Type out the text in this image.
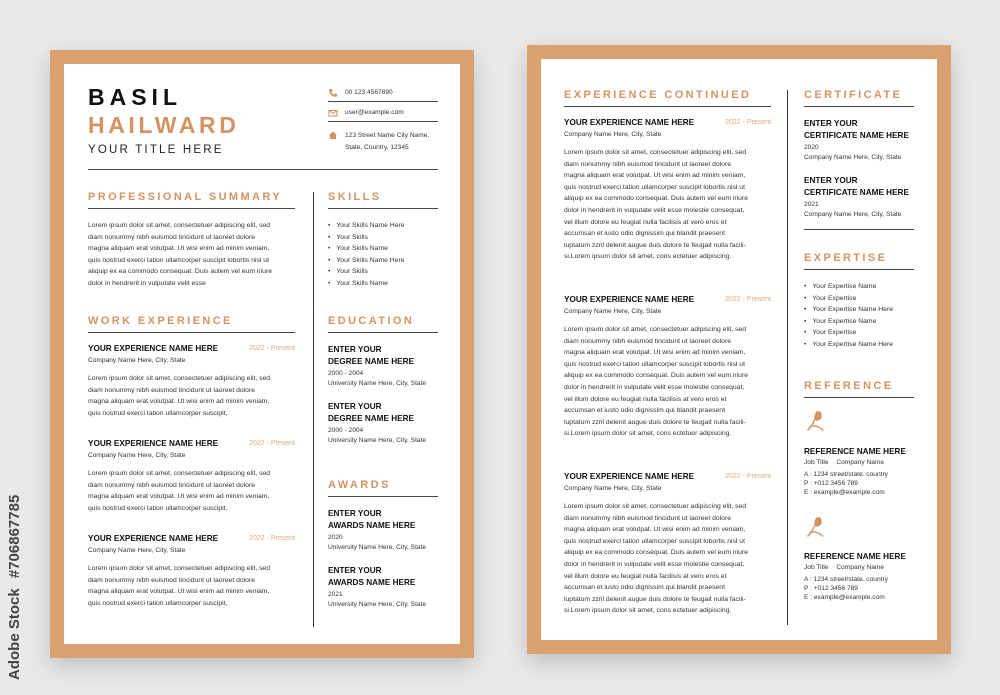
Adobe Stock #706867785
BASIL
HAILWARD
YOUR TITLE HERE
00 123 4567890
user@example.com
123 Street Name City Name,
State, Country, 12345
PROFESSIONAL SUMMARY
Lorem ipsum dolor sit amet, consectetuer adipiscing elit, sed
diam nonummy nibh euismod tincidunt ut laoreet dolore
magna aliquam erat volutpat. Ut wisi enim ad minim veniam,
quis nostrud exerci tation ullamcorper suscipit lobortis nisl ut
aliquip ex ea commodo consequat. Duis autem vel eum iriure
dolor in hendrerit in vulputate velit esse
WORK EXPERIENCE
YOUR EXPERIENCE NAME HERE	2022 - Present
Company Name Here, City, State
Lorem ipsum dolor sit amet, consectetuer adipiscing elit, sed
diam nonummy nibh euismod tincidunt ut laoreet dolore
magna aliquam erat volutpat. Ut wisi enim ad minim veniam,
quis nostrud exerci tation ullamcorper suscipit,
YOUR EXPERIENCE NAME HERE	2022 - Present
Company Name Here, City, State
Lorem ipsum dolor sit amet, consectetuer adipiscing elit, sed
diam nonummy nibh euismod tincidunt ut laoreet dolore
magna aliquam erat volutpat. Ut wisi enim ad minim veniam,
quis nostrud exerci tation ullamcorper suscipit,
YOUR EXPERIENCE NAME HERE	2022 - Present
Company Name Here, City, State
Lorem ipsum dolor sit amet, consectetuer adipiscing elit, sed
diam nonummy nibh euismod tincidunt ut laoreet dolore
magna aliquam erat volutpat. Ut wisi enim ad minim veniam,
quis nostrud exerci tation ullamcorper suscipit,
SKILLS
• Your Skills Name Here
• Your Skills
• Your Skills Name
• Your Skills Name Here
• Your Skills
• Your Skills Name
EDUCATION
ENTER YOUR
DEGREE NAME HERE
2000 - 2004
University Name Here, City, State
ENTER YOUR
DEGREE NAME HERE
2000 - 2004
University Name Here, City, State
AWARDS
ENTER YOUR
AWARDS NAME HERE
2020
University Name Here, City, State
ENTER YOUR
AWARDS NAME HERE
2021
University Name Here, City, State
EXPERIENCE CONTINUED
YOUR EXPERIENCE NAME HERE	2022 - Present
Company Name Here, City, State
Lorem ipsum dolor sit amet, consectetuer adipiscing elit, sed
diam nonummy nibh euismod tincidunt ut laoreet dolore
magna aliquam erat volutpat. Ut wisi enim ad minim veniam,
quis nostrud exerci tation ullamcorper suscipit lobortis nisl ut
aliquip ex ea commodo consequat. Duis autem vel eum iriure
dolor in hendrerit in vulputate velit esse molestie consequat,
vel illum dolore eu feugiat nulla facilisis at vero eros et
accumsan et iusto odio dignissim qui blandit praesent
luptatum zzril delenit augue duis dolore te feugait nulla facili-
si.Lorem ipsum dolor sit amet, cons ectetuer adipiscing.
YOUR EXPERIENCE NAME HERE	2022 - Present
Company Name Here, City, State
Lorem ipsum dolor sit amet, consectetuer adipiscing elit, sed
diam nonummy nibh euismod tincidunt ut laoreet dolore
magna aliquam erat volutpat. Ut wisi enim ad minim veniam,
quis nostrud exerci tation ullamcorper suscipit lobortis nisl ut
aliquip ex ea commodo consequat. Duis autem vel eum iriure
dolor in hendrerit in vulputate velit esse molestie consequat,
vel illum dolore eu feugiat nulla facilisis at vero eros et
accumsan et iusto odio dignissim qui blandit praesent
luptatum zzril delenit augue duis dolore te feugait nulla facili-
si.Lorem ipsum dolor sit amet, cons ectetuer adipiscing.
YOUR EXPERIENCE NAME HERE	2022 - Present
Company Name Here, City, State
Lorem ipsum dolor sit amet, consectetuer adipiscing elit, sed
diam nonummy nibh euismod tincidunt ut laoreet dolore
magna aliquam erat volutpat. Ut wisi enim ad minim veniam,
quis nostrud exerci tation ullamcorper suscipit lobortis nisl ut
aliquip ex ea commodo consequat. Duis autem vel eum iriure
dolor in hendrerit in vulputate velit esse molestie consequat,
vel illum dolore eu feugiat nulla facilisis at vero eros et
accumsan et iusto odio dignissim qui blandit praesent
luptatum zzril delenit augue duis dolore te feugait nulla facili-
si.Lorem ipsum dolor sit amet, cons ectetuer adipiscing.
CERTIFICATE
ENTER YOUR
CERTIFICATE NAME HERE
2020
Company Name Here, City, State
ENTER YOUR
CERTIFICATE NAME HERE
2021
Company Name Here, City, State
EXPERTISE
• Your Expertise Name
• Your Expertise
• Your Expertise Name Here
• Your Expertise Name
• Your Expertise
• Your Expertise Name Here
REFERENCE
REFERENCE NAME HERE
Job Title Company Name
A : 1234 street/state. country
P : +012 3456 789
E : example@example.com
REFERENCE NAME HERE
Job Title Company Name
A : 1234 street/state. country
P : +012 3456 789
E : example@example.com
